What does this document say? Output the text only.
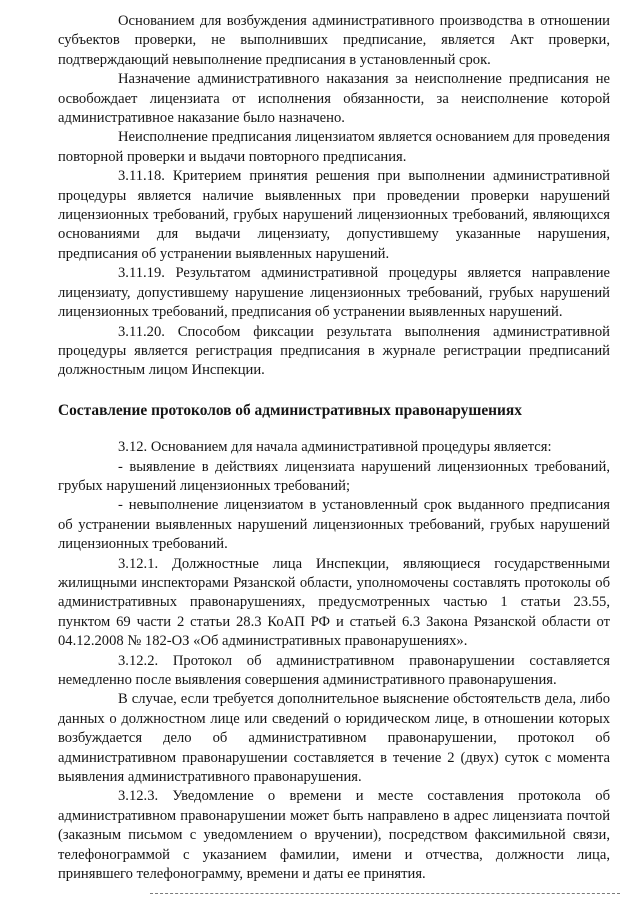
Основанием для возбуждения административного производства в отношении субъектов проверки, не выполнивших предписание, является Акт проверки, подтверждающий невыполнение предписания в установленный срок.

Назначение административного наказания за неисполнение предписания не освобождает лицензиата от исполнения обязанности, за неисполнение которой административное наказание было назначено.

Неисполнение предписания лицензиатом является основанием для проведения повторной проверки и выдачи повторного предписания.

3.11.18. Критерием принятия решения при выполнении административной процедуры является наличие выявленных при проведении проверки нарушений лицензионных требований, грубых нарушений лицензионных требований, являющихся основаниями для выдачи лицензиату, допустившему указанные нарушения, предписания об устранении выявленных нарушений.

3.11.19. Результатом административной процедуры является направление лицензиату, допустившему нарушение лицензионных требований, грубых нарушений лицензионных требований, предписания об устранении выявленных нарушений.

3.11.20. Способом фиксации результата выполнения административной процедуры является регистрация предписания в журнале регистрации предписаний должностным лицом Инспекции.

Составление протоколов об административных правонарушениях

3.12. Основанием для начала административной процедуры является:

- выявление в действиях лицензиата нарушений лицензионных требований, грубых нарушений лицензионных требований;

- невыполнение лицензиатом в установленный срок выданного предписания об устранении выявленных нарушений лицензионных требований, грубых нарушений лицензионных требований.

3.12.1. Должностные лица Инспекции, являющиеся государственными жилищными инспекторами Рязанской области, уполномочены составлять протоколы об административных правонарушениях, предусмотренных частью 1 статьи 23.55, пунктом 69 части 2 статьи 28.3 КоАП РФ и статьей 6.3 Закона Рязанской области от 04.12.2008 № 182-ОЗ «Об административных правонарушениях».

3.12.2. Протокол об административном правонарушении составляется немедленно после выявления совершения административного правонарушения.

В случае, если требуется дополнительное выяснение обстоятельств дела, либо данных о должностном лице или сведений о юридическом лице, в отношении которых возбуждается дело об административном правонарушении, протокол об административном правонарушении составляется в течение 2 (двух) суток с момента выявления административного правонарушения.

3.12.3. Уведомление о времени и месте составления протокола об административном правонарушении может быть направлено в адрес лицензиата почтой (заказным письмом с уведомлением о вручении), посредством факсимильной связи, телефонограммой с указанием фамилии, имени и отчества, должности лица, принявшего телефонограмму, времени и даты ее принятия.
